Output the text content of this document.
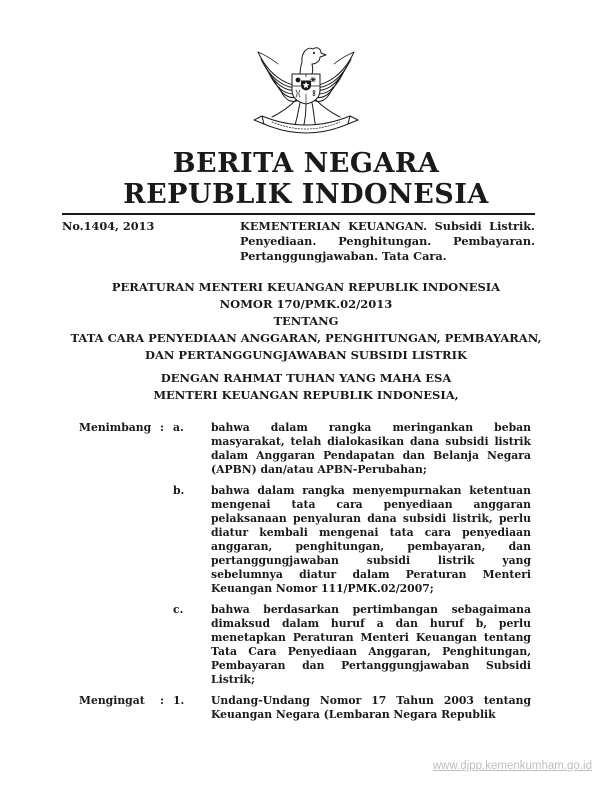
BERITA NEGARA
REPUBLIK INDONESIA
No.1404, 2013	KEMENTERIAN KEUANGAN. Subsidi Listrik. Penyediaan. Penghitungan. Pembayaran. Pertanggungjawaban. Tata Cara.
PERATURAN MENTERI KEUANGAN REPUBLIK INDONESIA
NOMOR 170/PMK.02/2013
TENTANG
TATA CARA PENYEDIAAN ANGGARAN, PENGHITUNGAN, PEMBAYARAN,
DAN PERTANGGUNGJAWABAN SUBSIDI LISTRIK
DENGAN RAHMAT TUHAN YANG MAHA ESA
MENTERI KEUANGAN REPUBLIK INDONESIA,
Menimbang : a.	bahwa dalam rangka meringankan beban masyarakat, telah dialokasikan dana subsidi listrik dalam Anggaran Pendapatan dan Belanja Negara (APBN) dan/atau APBN-Perubahan;
b.	bahwa dalam rangka menyempurnakan ketentuan mengenai tata cara penyediaan anggaran pelaksanaan penyaluran dana subsidi listrik, perlu diatur kembali mengenai tata cara penyediaan anggaran, penghitungan, pembayaran, dan pertanggungjawaban subsidi listrik yang sebelumnya diatur dalam Peraturan Menteri Keuangan Nomor 111/PMK.02/2007;
c.	bahwa berdasarkan pertimbangan sebagaimana dimaksud dalam huruf a dan huruf b, perlu menetapkan Peraturan Menteri Keuangan tentang Tata Cara Penyediaan Anggaran, Penghitungan, Pembayaran dan Pertanggungjawaban Subsidi Listrik;
Mengingat	: 1.	Undang-Undang Nomor 17 Tahun 2003 tentang Keuangan Negara (Lembaran Negara Republik
www.djpp.kemenkumham.go.id
